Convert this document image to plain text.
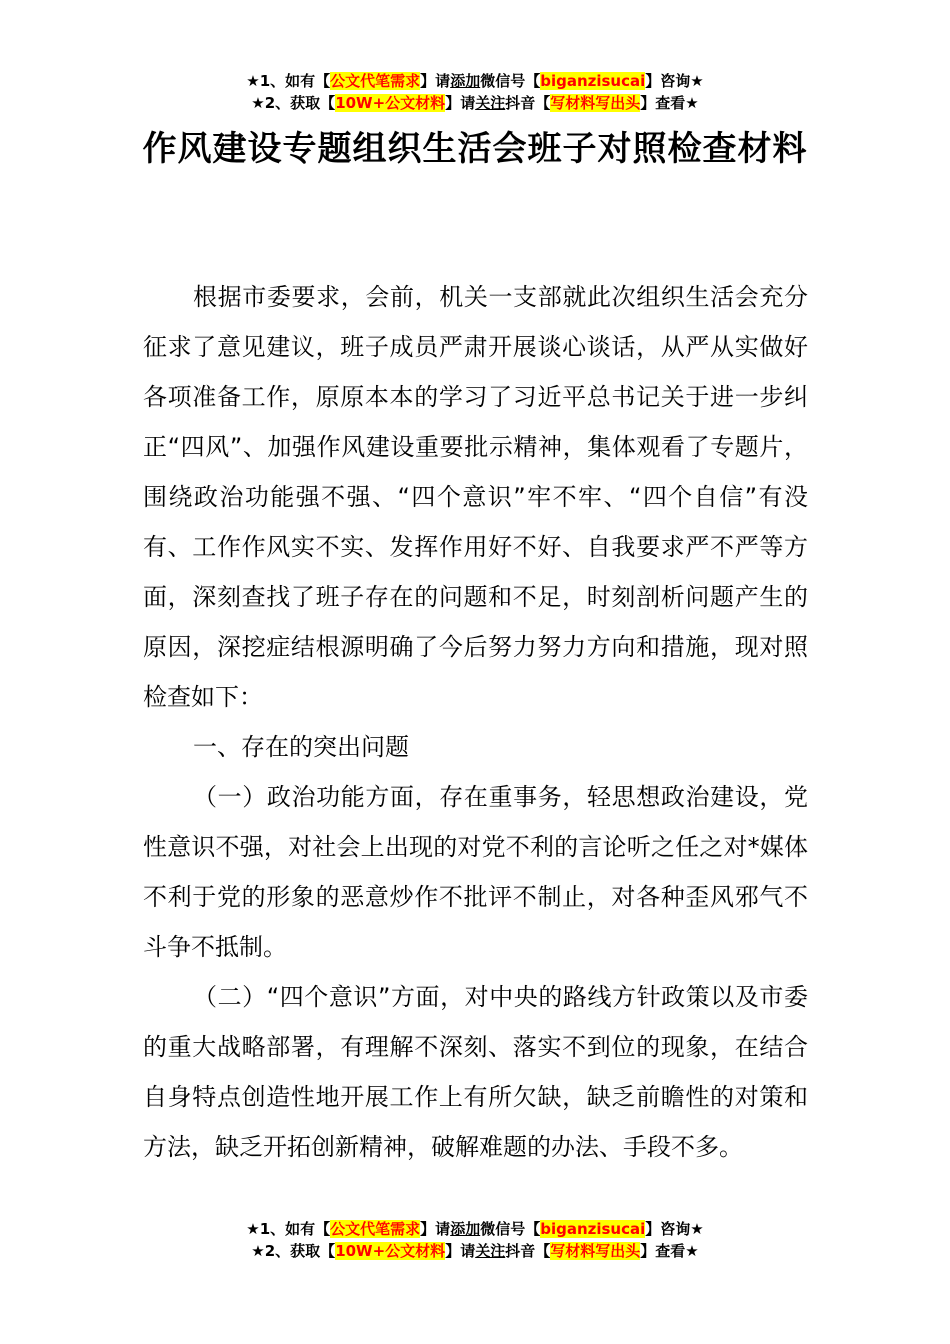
★1、如有【公文代笔需求】请添加微信号【biganzisucai】咨询★
★2、获取【10W+公文材料】请关注抖音【写材料写出头】查看★
作风建设专题组织生活会班子对照检查材料

根据市委要求，会前，机关一支部就此次组织生活会充分征求了意见建议，班子成员严肃开展谈心谈话，从严从实做好各项准备工作，原原本本的学习了习近平总书记关于进一步纠正“四风”、加强作风建设重要批示精神，集体观看了专题片，围绕政治功能强不强、“四个意识”牢不牢、“四个自信”有没有、工作作风实不实、发挥作用好不好、自我要求严不严等方面，深刻查找了班子存在的问题和不足，时刻剖析问题产生的原因，深挖症结根源明确了今后努力努力方向和措施，现对照检查如下：

一、存在的突出问题

（一）政治功能方面，存在重事务，轻思想政治建设，党性意识不强，对社会上出现的对党不利的言论听之任之对*媒体不利于党的形象的恶意炒作不批评不制止，对各种歪风邪气不斗争不抵制。

（二）“四个意识”方面，对中央的路线方针政策以及市委的重大战略部署，有理解不深刻、落实不到位的现象，在结合自身特点创造性地开展工作上有所欠缺，缺乏前瞻性的对策和方法，缺乏开拓创新精神，破解难题的办法、手段不多。

★1、如有【公文代笔需求】请添加微信号【biganzisucai】咨询★
★2、获取【10W+公文材料】请关注抖音【写材料写出头】查看★
